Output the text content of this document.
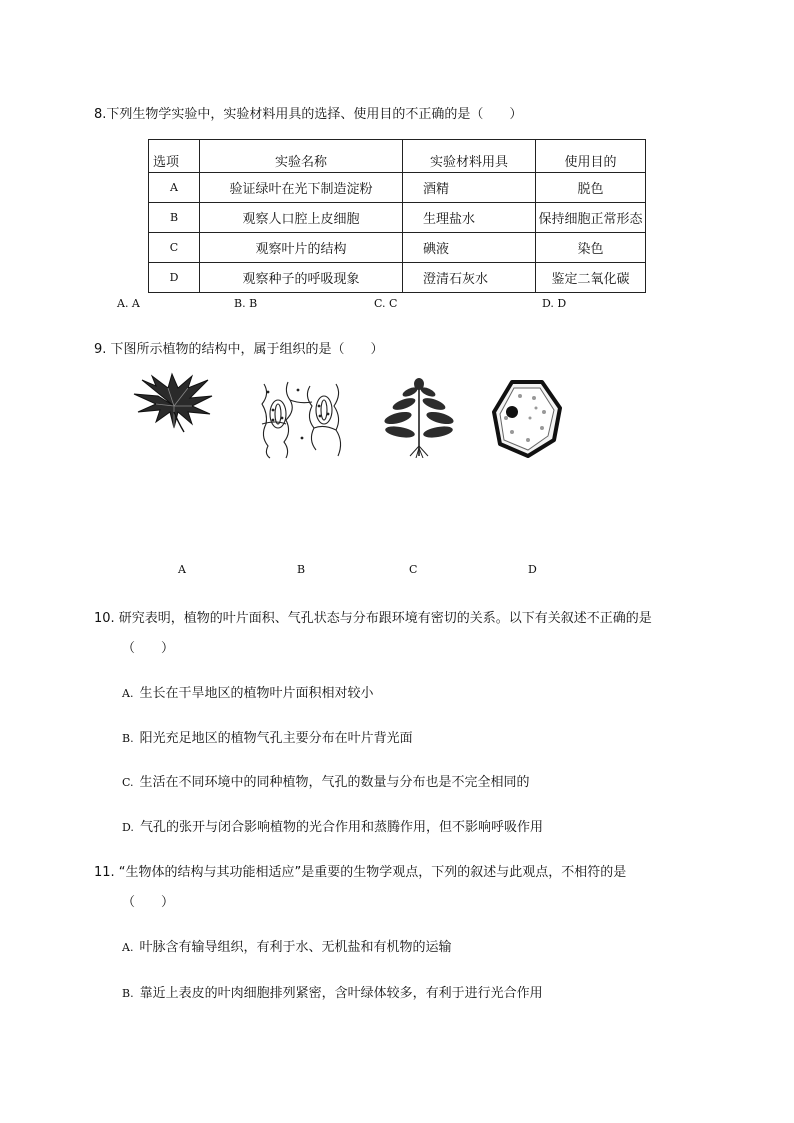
8.下列生物学实验中，实验材料用具的选择、使用目的不正确的是（　　）
选项	实验名称	实验材料用具	使用目的
A	验证绿叶在光下制造淀粉	酒精	脱色
B	观察人口腔上皮细胞	生理盐水	保持细胞正常形态
C	观察叶片的结构	碘液	染色
D	观察种子的呼吸现象	澄清石灰水	鉴定二氧化碳
A. A	B. B	C. C	D. D
9. 下图所示植物的结构中，属于组织的是（　　）
A	B	C	D
10. 研究表明，植物的叶片面积、气孔状态与分布跟环境有密切的关系。以下有关叙述不正确的是
（　　）
A. 生长在干旱地区的植物叶片面积相对较小
B. 阳光充足地区的植物气孔主要分布在叶片背光面
C. 生活在不同环境中的同种植物，气孔的数量与分布也是不完全相同的
D. 气孔的张开与闭合影响植物的光合作用和蒸腾作用，但不影响呼吸作用
11. “生物体的结构与其功能相适应”是重要的生物学观点，下列的叙述与此观点，不相符的是
（　　）
A. 叶脉含有输导组织，有利于水、无机盐和有机物的运输
B. 靠近上表皮的叶肉细胞排列紧密，含叶绿体较多，有利于进行光合作用
